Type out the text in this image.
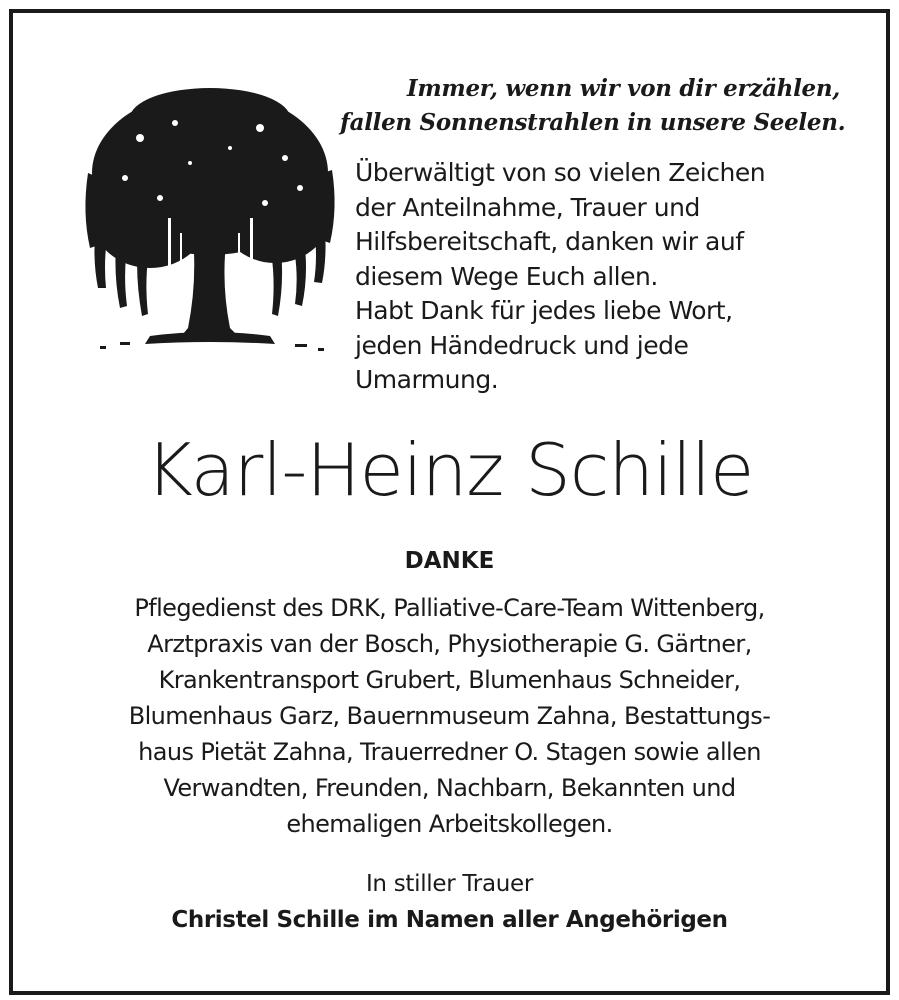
Immer, wenn wir von dir erzählen,
fallen Sonnenstrahlen in unsere Seelen.
Überwältigt von so vielen Zeichen
der Anteilnahme, Trauer und
Hilfsbereitschaft, danken wir auf
diesem Wege Euch allen.
Habt Dank für jedes liebe Wort,
jeden Händedruck und jede
Umarmung.
Karl-Heinz Schille
DANKE
Pflegedienst des DRK, Palliative-Care-Team Wittenberg,
Arztpraxis van der Bosch, Physiotherapie G. Gärtner,
Krankentransport Grubert, Blumenhaus Schneider,
Blumenhaus Garz, Bauernmuseum Zahna, Bestattungs-
haus Pietät Zahna, Trauerredner O. Stagen sowie allen
Verwandten, Freunden, Nachbarn, Bekannten und
ehemaligen Arbeitskollegen.
In stiller Trauer
Christel Schille im Namen aller Angehörigen
